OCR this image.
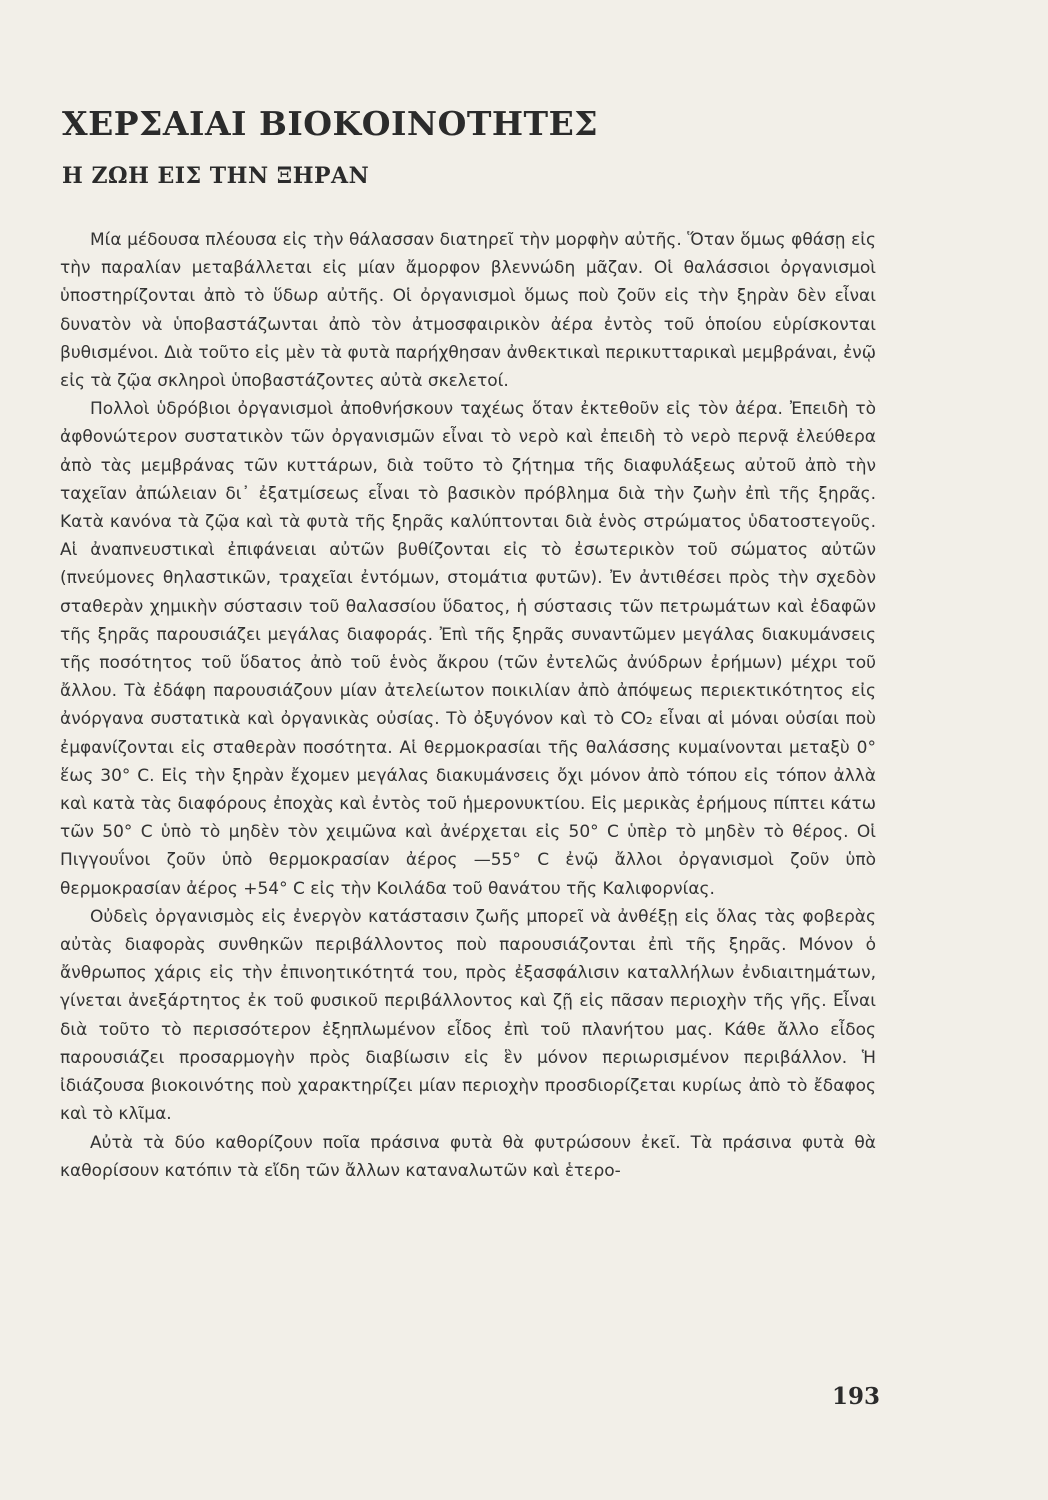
ΧΕΡΣΑΙΑΙ ΒΙΟΚΟΙΝΟΤΗΤΕΣ
Η ΖΩΗ ΕΙΣ ΤΗΝ ΞΗΡΑΝ

Μία μέδουσα πλέουσα εἰς τὴν θάλασσαν διατηρεῖ τὴν μορφὴν αὐτῆς. Ὅταν ὅμως φθάσῃ εἰς τὴν παραλίαν μεταβάλλεται εἰς μίαν ἄμορφον βλεννώδη μᾶζαν. Οἱ θαλάσσιοι ὀργανισμοὶ ὑποστηρίζονται ἀπὸ τὸ ὕδωρ αὐτῆς. Οἱ ὀργανισμοὶ ὅμως ποὺ ζοῦν εἰς τὴν ξηρὰν δὲν εἶναι δυνατὸν νὰ ὑποβαστάζωνται ἀπὸ τὸν ἀτμοσφαιρικὸν ἀέρα ἐντὸς τοῦ ὁποίου εὑρίσκονται βυθισμένοι. Διὰ τοῦτο εἰς μὲν τὰ φυτὰ παρήχθησαν ἀνθεκτικαὶ περικυτταρικαὶ μεμβράναι, ἐνῷ εἰς τὰ ζῷα σκληροὶ ὑποβαστάζοντες αὐτὰ σκελετοί.

Πολλοὶ ὑδρόβιοι ὀργανισμοὶ ἀποθνήσκουν ταχέως ὅταν ἐκτεθοῦν εἰς τὸν ἀέρα. Ἐπειδὴ τὸ ἀφθονώτερον συστατικὸν τῶν ὀργανισμῶν εἶναι τὸ νερὸ καὶ ἐπειδὴ τὸ νερὸ περνᾷ ἐλεύθερα ἀπὸ τὰς μεμβράνας τῶν κυττάρων, διὰ τοῦτο τὸ ζήτημα τῆς διαφυλάξεως αὐτοῦ ἀπὸ τὴν ταχεῖαν ἀπώλειαν δι᾽ ἐξατμίσεως εἶναι τὸ βασικὸν πρόβλημα διὰ τὴν ζωὴν ἐπὶ τῆς ξηρᾶς. Κατὰ κανόνα τὰ ζῷα καὶ τὰ φυτὰ τῆς ξηρᾶς καλύπτονται διὰ ἑνὸς στρώματος ὑδατοστεγοῦς. Αἱ ἀναπνευστικαὶ ἐπιφάνειαι αὐτῶν βυθίζονται εἰς τὸ ἐσωτερικὸν τοῦ σώματος αὐτῶν (πνεύμονες θηλαστικῶν, τραχεῖαι ἐντόμων, στομάτια φυτῶν). Ἐν ἀντιθέσει πρὸς τὴν σχεδὸν σταθερὰν χημικὴν σύστασιν τοῦ θαλασσίου ὕδατος, ἡ σύστασις τῶν πετρωμάτων καὶ ἐδαφῶν τῆς ξηρᾶς παρουσιάζει μεγάλας διαφοράς. Ἐπὶ τῆς ξηρᾶς συναντῶμεν μεγάλας διακυμάνσεις τῆς ποσότητος τοῦ ὕδατος ἀπὸ τοῦ ἑνὸς ἄκρου (τῶν ἐντελῶς ἀνύδρων ἐρήμων) μέχρι τοῦ ἄλλου. Τὰ ἐδάφη παρουσιάζουν μίαν ἀτελείωτον ποικιλίαν ἀπὸ ἀπόψεως περιεκτικότητος εἰς ἀνόργανα συστατικὰ καὶ ὀργανικὰς οὐσίας. Τὸ ὀξυγόνον καὶ τὸ CO₂ εἶναι αἱ μόναι οὐσίαι ποὺ ἐμφανίζονται εἰς σταθερὰν ποσότητα. Αἱ θερμοκρασίαι τῆς θαλάσσης κυμαίνονται μεταξὺ 0° ἕως 30° C. Εἰς τὴν ξηρὰν ἔχομεν μεγάλας διακυμάνσεις ὄχι μόνον ἀπὸ τόπου εἰς τόπον ἀλλὰ καὶ κατὰ τὰς διαφόρους ἐποχὰς καὶ ἐντὸς τοῦ ἡμερονυκτίου. Εἰς μερικὰς ἐρήμους πίπτει κάτω τῶν 50° C ὑπὸ τὸ μηδὲν τὸν χειμῶνα καὶ ἀνέρχεται εἰς 50° C ὑπὲρ τὸ μηδὲν τὸ θέρος. Οἱ Πιγγουΐνοι ζοῦν ὑπὸ θερμοκρασίαν ἀέρος —55° C ἐνῷ ἄλλοι ὀργανισμοὶ ζοῦν ὑπὸ θερμοκρασίαν ἀέρος +54° C εἰς τὴν Κοιλάδα τοῦ θανάτου τῆς Καλιφορνίας.

Οὐδεὶς ὀργανισμὸς εἰς ἐνεργὸν κατάστασιν ζωῆς μπορεῖ νὰ ἀνθέξῃ εἰς ὅλας τὰς φοβερὰς αὐτὰς διαφορὰς συνθηκῶν περιβάλλοντος ποὺ παρουσιάζονται ἐπὶ τῆς ξηρᾶς. Μόνον ὁ ἄνθρωπος χάρις εἰς τὴν ἐπινοητικότητά του, πρὸς ἐξασφάλισιν καταλλήλων ἐνδιαιτημάτων, γίνεται ἀνεξάρτητος ἐκ τοῦ φυσικοῦ περιβάλλοντος καὶ ζῇ εἰς πᾶσαν περιοχὴν τῆς γῆς. Εἶναι διὰ τοῦτο τὸ περισσότερον ἐξηπλωμένον εἶδος ἐπὶ τοῦ πλανήτου μας. Κάθε ἄλλο εἶδος παρουσιάζει προσαρμογὴν πρὸς διαβίωσιν εἰς ἓν μόνον περιωρισμένον περιβάλλον. Ἡ ἰδιάζουσα βιοκοινότης ποὺ χαρακτηρίζει μίαν περιοχὴν προσδιορίζεται κυρίως ἀπὸ τὸ ἔδαφος καὶ τὸ κλῖμα.

Αὐτὰ τὰ δύο καθορίζουν ποῖα πράσινα φυτὰ θὰ φυτρώσουν ἐκεῖ. Τὰ πράσινα φυτὰ θὰ καθορίσουν κατόπιν τὰ εἴδη τῶν ἄλλων καταναλωτῶν καὶ ἑτερο-

193
